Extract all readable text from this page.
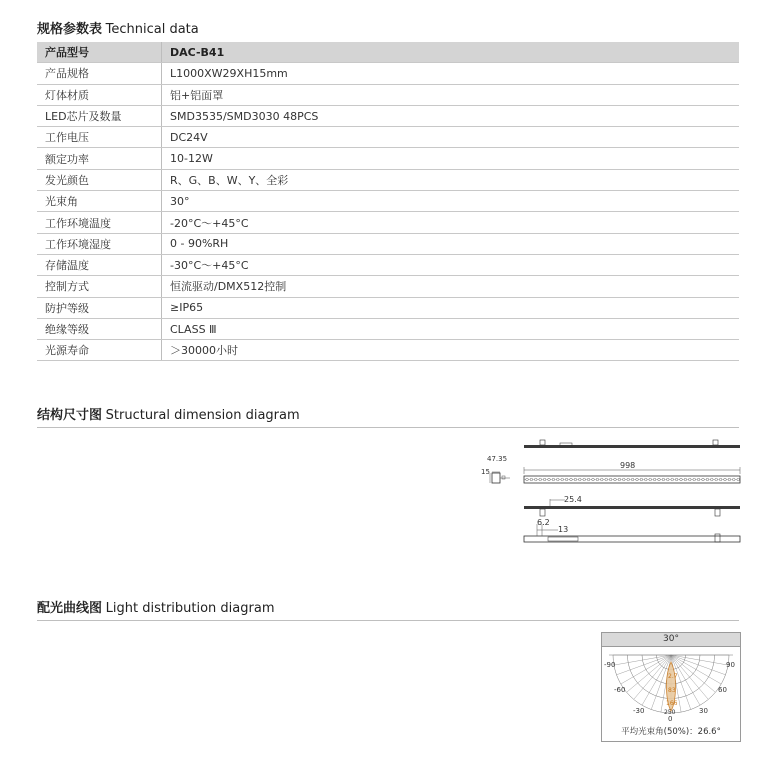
规格参数表 Technical data
产品型号	DAC-B41
产品规格	L1000XW29XH15mm
灯体材质	铝+铝面罩
LED芯片及数量	SMD3535/SMD3030 48PCS
工作电压	DC24V
额定功率	10-12W
发光颜色	R、G、B、W、Y、全彩
光束角	30°
工作环境温度	-20°C～+45°C
工作环境湿度	0 - 90%RH
存储温度	-30°C～+45°C
控制方式	恒流驱动/DMX512控制
防护等级	≥IP65
绝缘等级	CLASS Ⅲ
光源寿命	＞30000小时
结构尺寸图 Structural dimension diagram
47.35
15
998
25.4
6.2
13
配光曲线图 Light distribution diagram
30°
-90	90
-60	60
-30	30
0
2.7
83
166
250
平均光束角(50%)：26.6°
